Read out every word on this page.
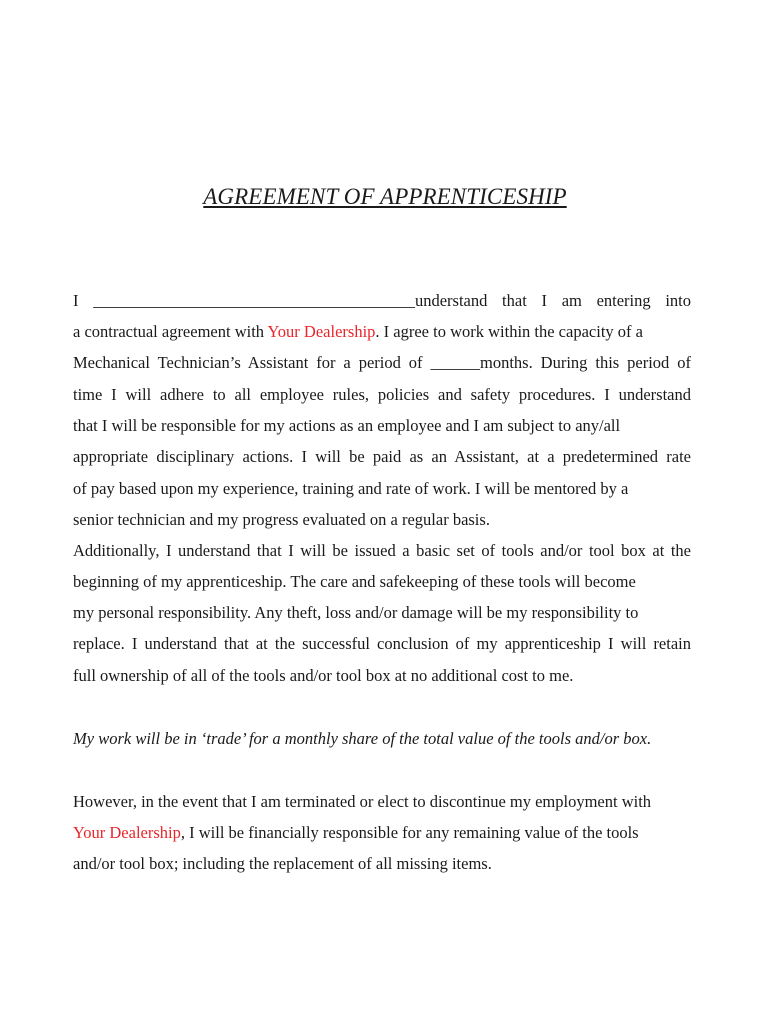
AGREEMENT OF APPRENTICESHIP
I _______________________________________understand that I am entering into
a contractual agreement with Your Dealership. I agree to work within the capacity of a
Mechanical Technician’s Assistant for a period of ______months. During this period of
time I will adhere to all employee rules, policies and safety procedures. I understand
that I will be responsible for my actions as an employee and I am subject to any/all
appropriate disciplinary actions. I will be paid as an Assistant, at a predetermined rate
of pay based upon my experience, training and rate of work. I will be mentored by a
senior technician and my progress evaluated on a regular basis.
Additionally, I understand that I will be issued a basic set of tools and/or tool box at the
beginning of my apprenticeship. The care and safekeeping of these tools will become
my personal responsibility. Any theft, loss and/or damage will be my responsibility to
replace. I understand that at the successful conclusion of my apprenticeship I will retain
full ownership of all of the tools and/or tool box at no additional cost to me.
My work will be in ‘trade’ for a monthly share of the total value of the tools and/or box.
However, in the event that I am terminated or elect to discontinue my employment with
Your Dealership, I will be financially responsible for any remaining value of the tools
and/or tool box; including the replacement of all missing items.
